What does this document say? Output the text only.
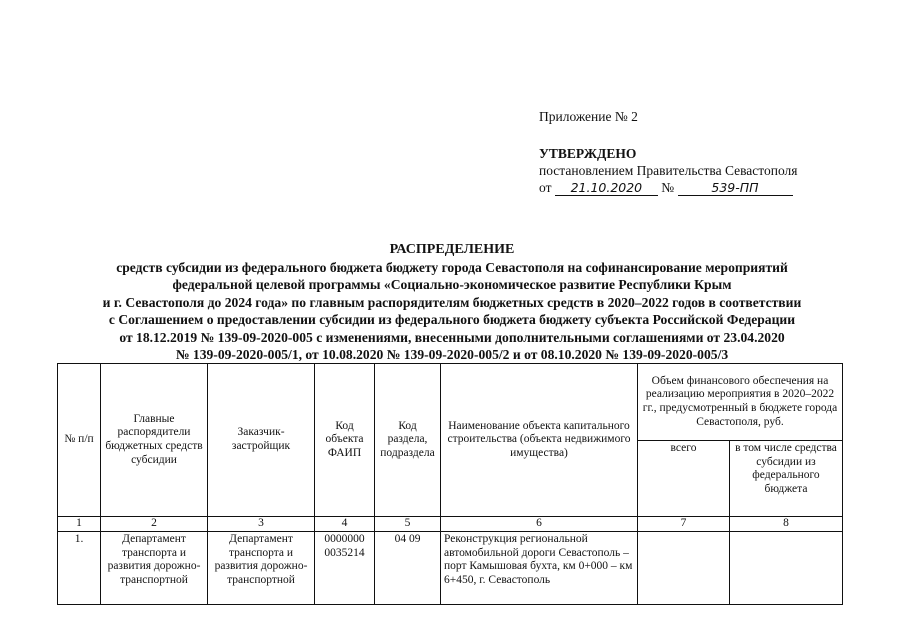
Приложение № 2
УТВЕРЖДЕНО
постановлением Правительства Севастополя
от 21.10.2020 №	539-ПП
РАСПРЕДЕЛЕНИЕ
средств субсидии из федерального бюджета бюджету города Севастополя на софинансирование мероприятий
федеральной целевой программы «Социально-экономическое развитие Республики Крым
и г. Севастополя до 2024 года» по главным распорядителям бюджетных средств в 2020–2022 годов в соответствии
с Соглашением о предоставлении субсидии из федерального бюджета бюджету субъекта Российской Федерации
от 18.12.2019 № 139-09-2020-005 с изменениями, внесенными дополнительными соглашениями от 23.04.2020
№ 139-09-2020-005/1, от 10.08.2020 № 139-09-2020-005/2 и от 08.10.2020 № 139-09-2020-005/3
№ п/п	Главные распорядители бюджетных средств субсидии	Заказчик-застройщик	Код объекта ФАИП	Код раздела, подраздела	Наименование объекта капитального строительства (объекта недвижимого имущества)	Объем финансового обеспечения на реализацию мероприятия в 2020–2022 гг., предусмотренный в бюджете города Севастополя, руб.	
						всего	в том числе средства субсидии из федерального бюджета
1	2	3	4	5	6	7	8
1.	Департамент транспорта и развития дорожно-транспортной	Департамент транспорта и развития дорожно-транспортной	0000000 0035214	04 09	Реконструкция региональной автомобильной дороги Севастополь – порт Камышовая бухта, км 0+000 – км 6+450, г. Севастополь		
